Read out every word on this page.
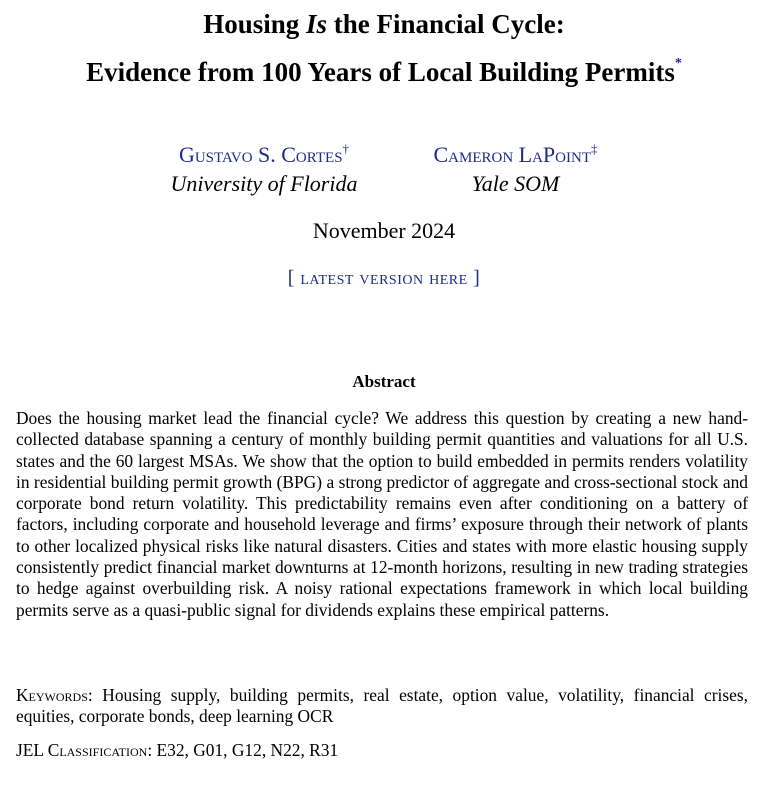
Housing Is the Financial Cycle:
Evidence from 100 Years of Local Building Permits*
Gustavo S. Cortes†
University of Florida
Cameron LaPoint‡
Yale SOM
November 2024
[ latest version here ]
Abstract
Does the housing market lead the financial cycle? We address this question by creating a new hand-collected database spanning a century of monthly building permit quantities and valuations for all U.S. states and the 60 largest MSAs. We show that the option to build embedded in permits renders volatility in residential building permit growth (BPG) a strong predictor of aggregate and cross-sectional stock and corporate bond return volatility. This predictability remains even after conditioning on a battery of factors, including corporate and household leverage and firms’ exposure through their network of plants to other localized physical risks like natural disasters. Cities and states with more elastic housing supply consistently predict financial market downturns at 12-month horizons, resulting in new trading strategies to hedge against overbuilding risk. A noisy rational expectations framework in which local building permits serve as a quasi-public signal for dividends explains these empirical patterns.
Keywords: Housing supply, building permits, real estate, option value, volatility, financial crises, equities, corporate bonds, deep learning OCR
JEL Classification: E32, G01, G12, N22, R31
